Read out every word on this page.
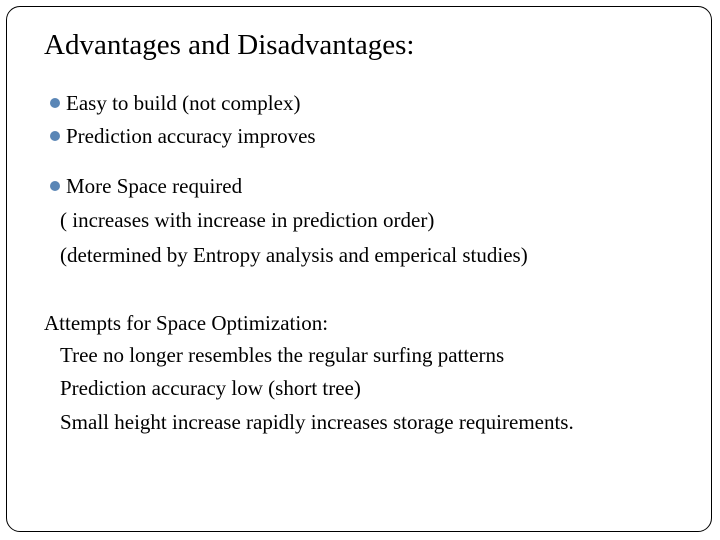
Advantages and Disadvantages:
Easy to build (not complex)
Prediction accuracy improves
More Space required
( increases with increase in prediction order)
(determined by Entropy analysis and emperical studies)
Attempts for Space Optimization:
Tree no longer resembles the regular surfing patterns
Prediction accuracy low (short tree)
Small height increase rapidly increases storage requirements.
